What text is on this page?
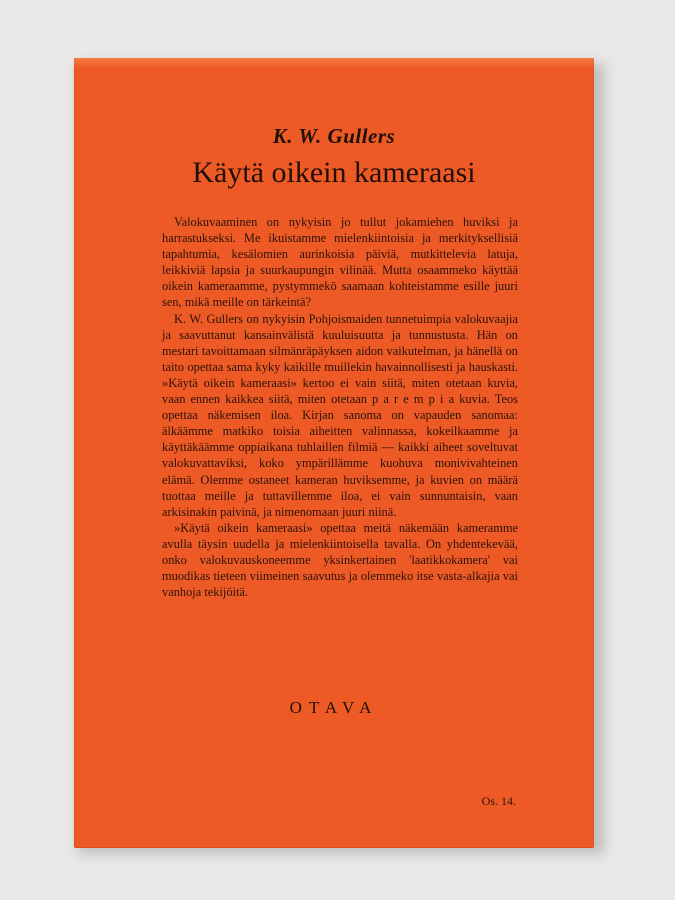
K. W. Gullers
Käytä oikein kameraasi

Valokuvaaminen on nykyisin jo tullut jokamiehen huviksi ja harrastukseksi. Me ikuistamme mielenkiintoisia ja merkityksellisiä tapahtumia, kesälomien aurinkoisia päiviä, mutkittelevia latuja, leikkiviä lapsia ja suurkaupungin vilinää. Mutta osaammeko käyttää oikein kameraamme, pystymmekö saamaan kohteistamme esille juuri sen, mikä meille on tärkeintä?

K. W. Gullers on nykyisin Pohjoismaiden tunnetuimpia valokuvaajia ja saavuttanut kansainvälistä kuuluisuutta ja tunnustusta. Hän on mestari tavoittamaan silmänräpäyksen aidon vaikutelman, ja hänellä on taito opettaa sama kyky kaikille muillekin havainnollisesti ja hauskasti. »Käytä oikein kameraasi» kertoo ei vain siitä, miten otetaan kuvia, vaan ennen kaikkea siitä, miten otetaan p a r e m p i a kuvia. Teos opettaa näkemisen iloa. Kirjan sanoma on vapauden sanomaa: älkäämme matkiko toisia aiheitten valinnassa, kokeilkaamme ja käyttäkäämme oppiaikana tuhlaillen filmiä — kaikki aiheet soveltuvat valokuvattaviksi, koko ympärillämme kuohuva monivivahteinen elämä. Olemme ostaneet kameran huviksemme, ja kuvien on määrä tuottaa meille ja tuttavillemme iloa, ei vain sunnuntaisin, vaan arkisinakin paivinä, ja nimenomaan juuri niinä.

»Käytä oikein kameraasi» opettaa meitä näkemään kameramme avulla täysin uudella ja mielenkiintoisella tavalla. On yhdentekevää, onko valokuvauskoneemme yksinkertainen 'laatikkokamera' vai muodikas tieteen viimeinen saavutus ja olemmeko itse vasta-alkajia vai vanhoja tekijöitä.

OTAVA

Os. 14.
